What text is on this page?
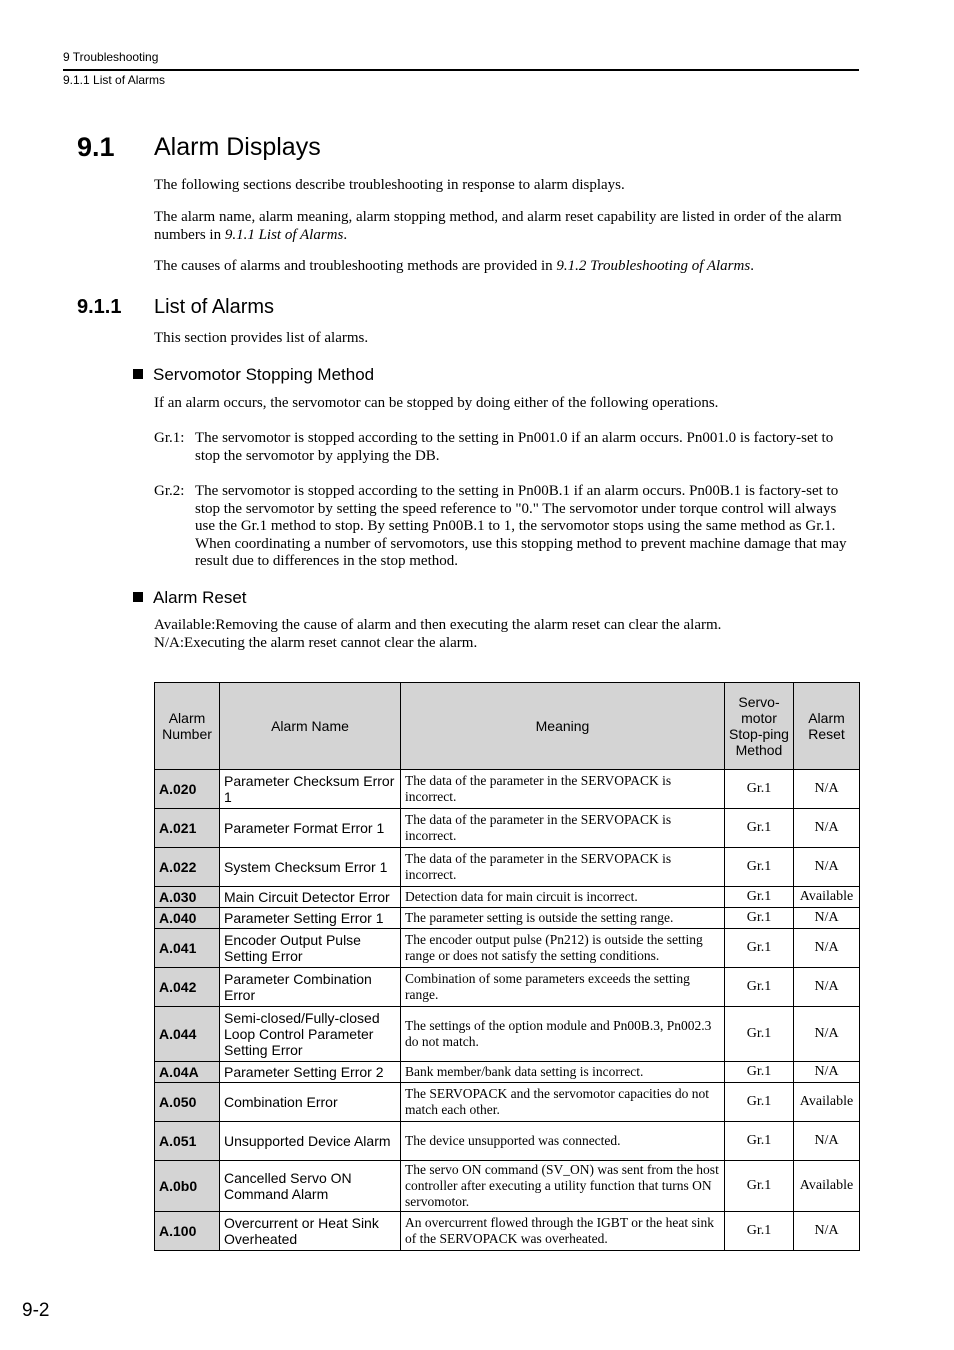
9 Troubleshooting
9.1.1 List of Alarms
9.1 Alarm Displays
The following sections describe troubleshooting in response to alarm displays.
The alarm name, alarm meaning, alarm stopping method, and alarm reset capability are listed in order of the alarm numbers in 9.1.1 List of Alarms.
The causes of alarms and troubleshooting methods are provided in 9.1.2 Troubleshooting of Alarms.
9.1.1 List of Alarms
This section provides list of alarms.
Servomotor Stopping Method
If an alarm occurs, the servomotor can be stopped by doing either of the following operations.
Gr.1: The servomotor is stopped according to the setting in Pn001.0 if an alarm occurs. Pn001.0 is factory-set to stop the servomotor by applying the DB.
Gr.2: The servomotor is stopped according to the setting in Pn00B.1 if an alarm occurs. Pn00B.1 is factory-set to stop the servomotor by setting the speed reference to "0." The servomotor under torque control will always use the Gr.1 method to stop. By setting Pn00B.1 to 1, the servomotor stops using the same method as Gr.1. When coordinating a number of servomotors, use this stopping method to prevent machine damage that may result due to differences in the stop method.
Alarm Reset
Available:Removing the cause of alarm and then executing the alarm reset can clear the alarm.
N/A:Executing the alarm reset cannot clear the alarm.
Alarm Number	Alarm Name	Meaning	Servo-motor Stop-ping Method	Alarm Reset
A.020	Parameter Checksum Error 1	The data of the parameter in the SERVOPACK is incorrect.	Gr.1	N/A
A.021	Parameter Format Error 1	The data of the parameter in the SERVOPACK is incorrect.	Gr.1	N/A
A.022	System Checksum Error 1	The data of the parameter in the SERVOPACK is incorrect.	Gr.1	N/A
A.030	Main Circuit Detector Error	Detection data for main circuit is incorrect.	Gr.1	Available
A.040	Parameter Setting Error 1	The parameter setting is outside the setting range.	Gr.1	N/A
A.041	Encoder Output Pulse Setting Error	The encoder output pulse (Pn212) is outside the setting range or does not satisfy the setting conditions.	Gr.1	N/A
A.042	Parameter Combination Error	Combination of some parameters exceeds the setting range.	Gr.1	N/A
A.044	Semi-closed/Fully-closed Loop Control Parameter Setting Error	The settings of the option module and Pn00B.3, Pn002.3 do not match.	Gr.1	N/A
A.04A	Parameter Setting Error 2	Bank member/bank data setting is incorrect.	Gr.1	N/A
A.050	Combination Error	The SERVOPACK and the servomotor capacities do not match each other.	Gr.1	Available
A.051	Unsupported Device Alarm	The device unsupported was connected.	Gr.1	N/A
A.0b0	Cancelled Servo ON Command Alarm	The servo ON command (SV_ON) was sent from the host controller after executing a utility function that turns ON servomotor.	Gr.1	Available
A.100	Overcurrent or Heat Sink Overheated	An overcurrent flowed through the IGBT or the heat sink of the SERVOPACK was overheated.	Gr.1	N/A
9-2
